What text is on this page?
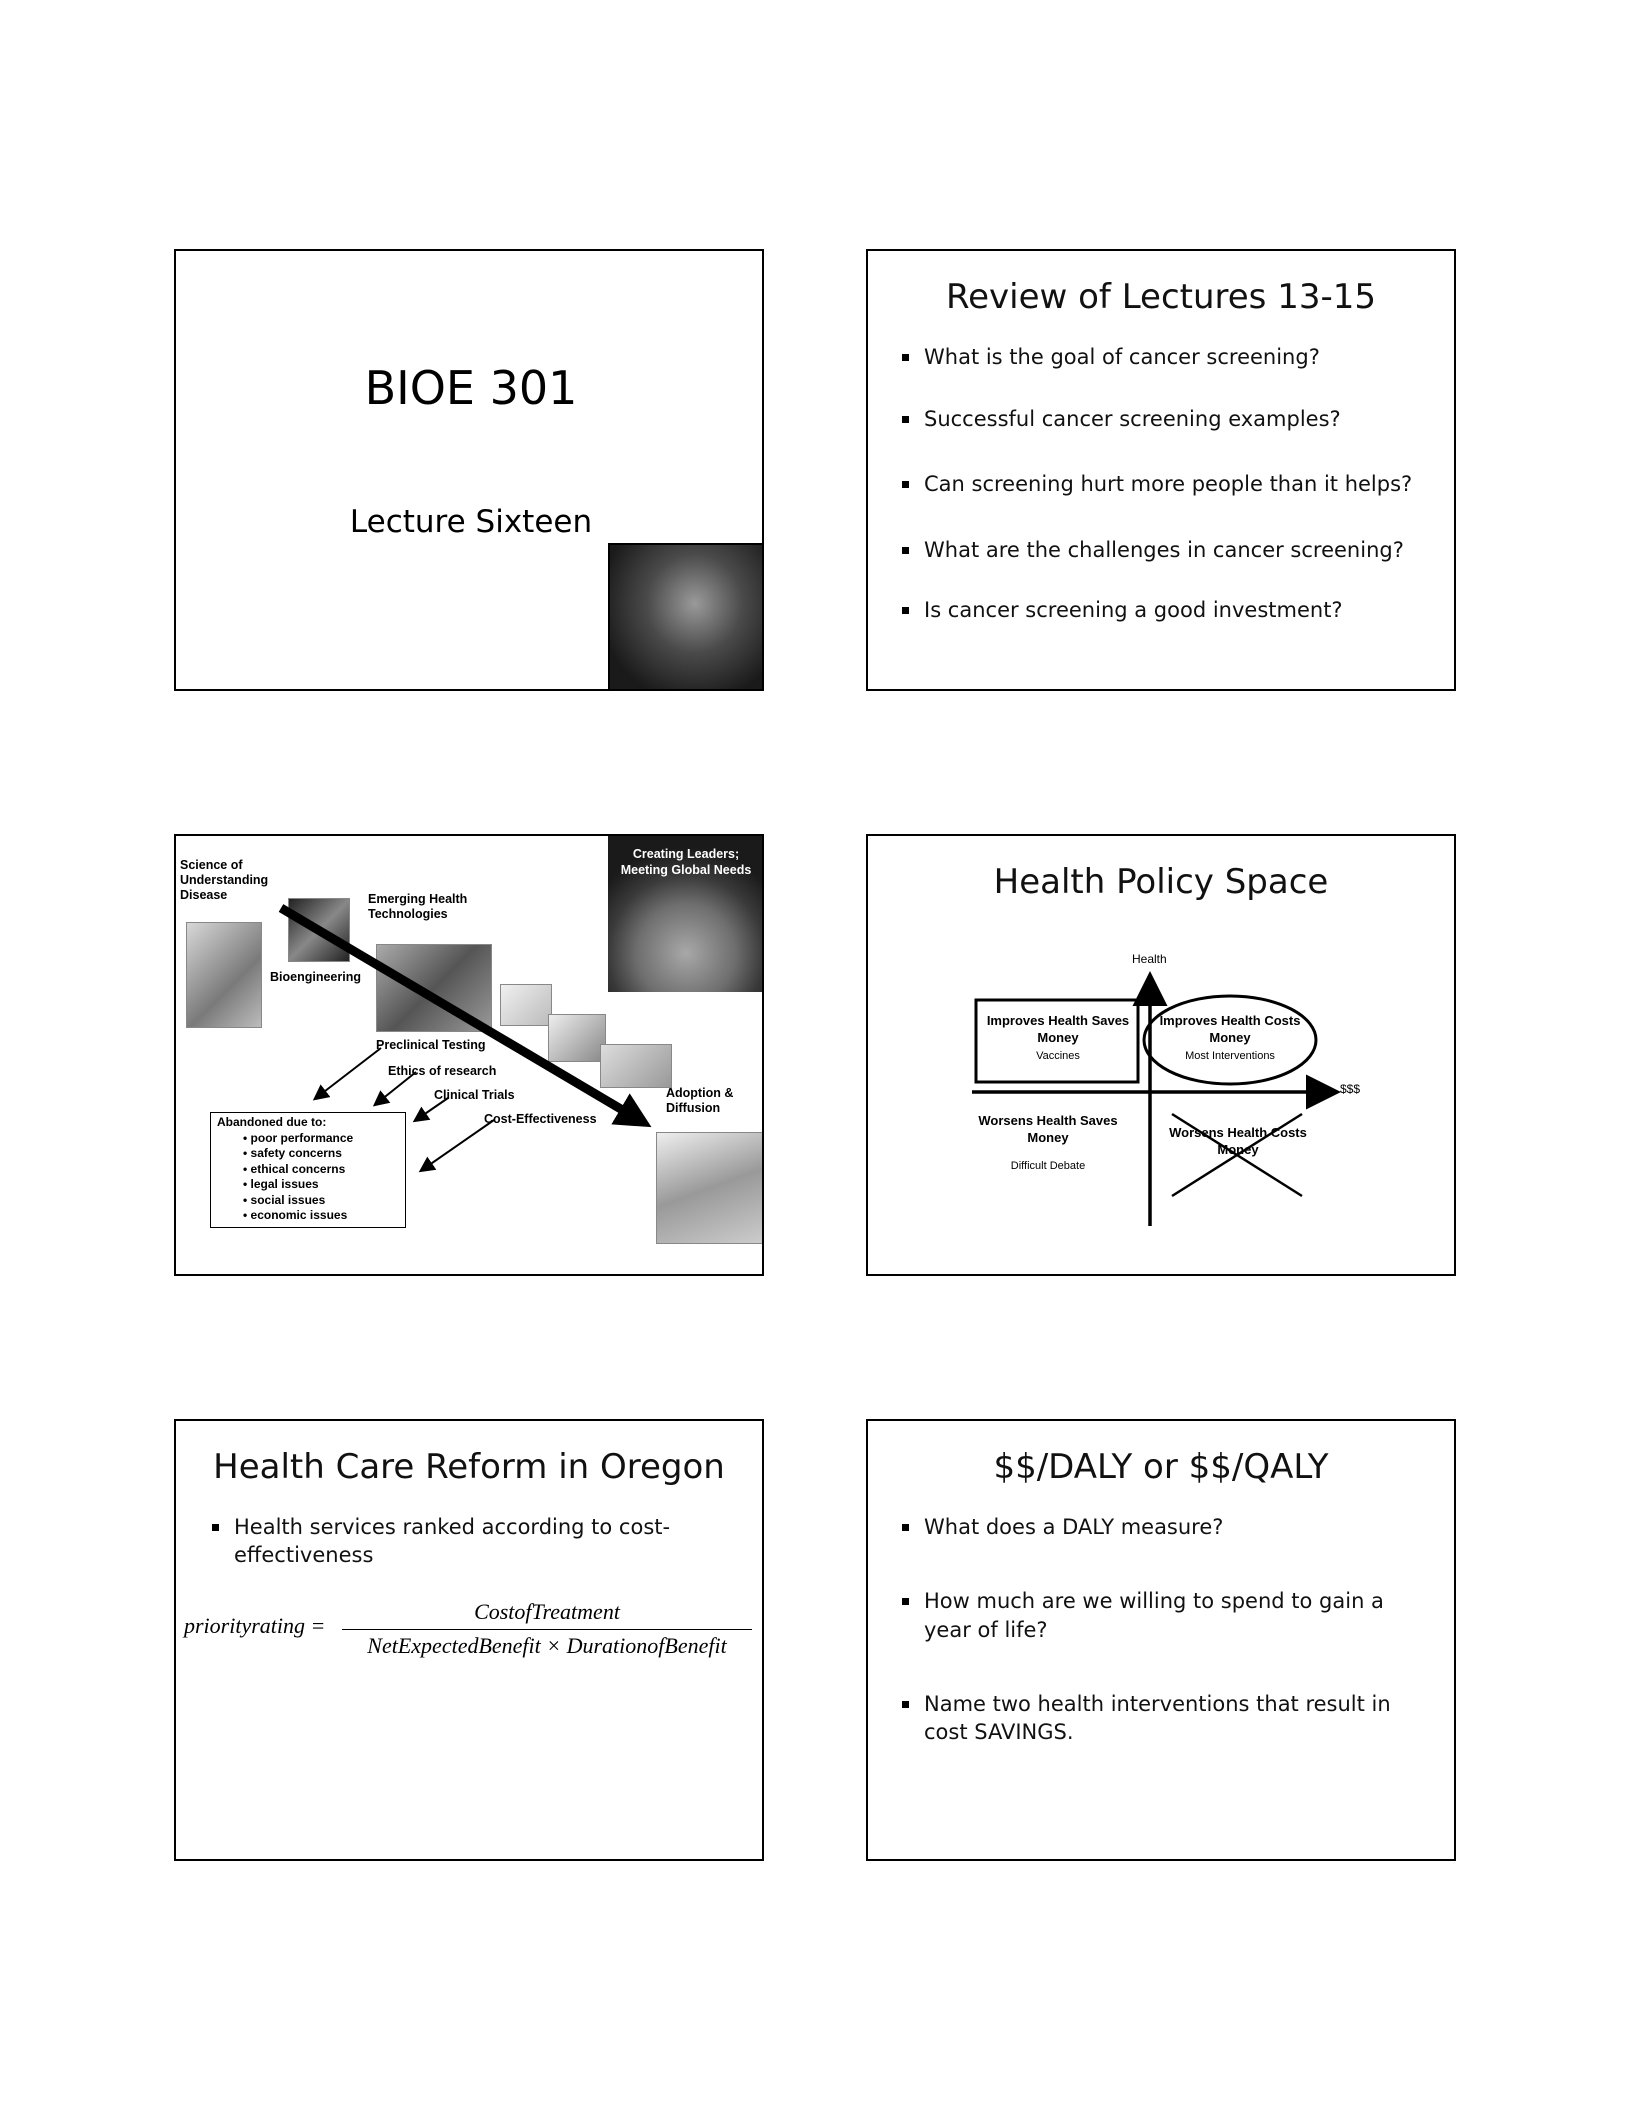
BIOE 301
Lecture Sixteen
Review of Lectures 13-15
What is the goal of cancer screening?
Successful cancer screening examples?
Can screening hurt more people than it helps?
What are the challenges in cancer screening?
Is cancer screening a good investment?
Creating Leaders; Meeting Global Needs
Science of Understanding Disease	Emerging Health Technologies
Bioengineering
Preclinical Testing
Ethics of research
Clinical Trials
Cost-Effectiveness
Adoption & Diffusion
Abandoned due to:
• poor performance
• safety concerns
• ethical concerns
• legal issues
• social issues
• economic issues
Health Policy Space
Health
$$$
Improves Health Saves Money
Vaccines
Improves Health Costs Money
Most Interventions
Worsens Health Saves Money
Difficult Debate
Worsens Health Costs Money
Health Care Reform in Oregon
Health services ranked according to cost-effectiveness
priorityrating =
CostofTreatment
NetExpectedBenefit × DurationofBenefit
$$/DALY or $$/QALY
What does a DALY measure?
How much are we willing to spend to gain a year of life?
Name two health interventions that result in cost SAVINGS.
